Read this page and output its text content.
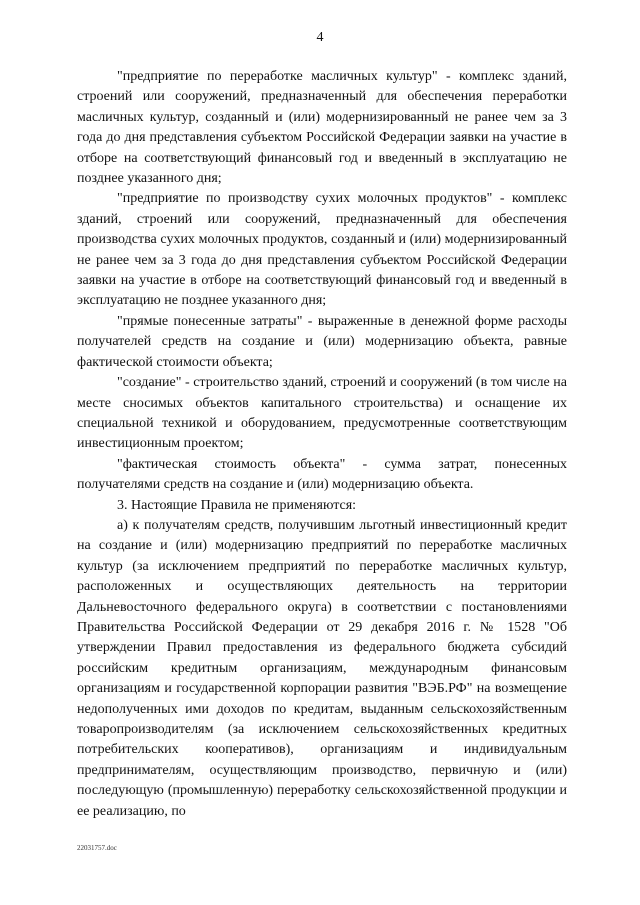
4

"предприятие по переработке масличных культур" - комплекс зданий, строений или сооружений, предназначенный для обеспечения переработки масличных культур, созданный и (или) модернизированный не ранее чем за 3 года до дня представления субъектом Российской Федерации заявки на участие в отборе на соответствующий финансовый год и введенный в эксплуатацию не позднее указанного дня;

"предприятие по производству сухих молочных продуктов" - комплекс зданий, строений или сооружений, предназначенный для обеспечения производства сухих молочных продуктов, созданный и (или) модернизированный не ранее чем за 3 года до дня представления субъектом Российской Федерации заявки на участие в отборе на соответствующий финансовый год и введенный в эксплуатацию не позднее указанного дня;

"прямые понесенные затраты" - выраженные в денежной форме расходы получателей средств на создание и (или) модернизацию объекта, равные фактической стоимости объекта;

"создание" - строительство зданий, строений и сооружений (в том числе на месте сносимых объектов капитального строительства) и оснащение их специальной техникой и оборудованием, предусмотренные соответствующим инвестиционным проектом;

"фактическая стоимость объекта" - сумма затрат, понесенных получателями средств на создание и (или) модернизацию объекта.

3. Настоящие Правила не применяются:

а) к получателям средств, получившим льготный инвестиционный кредит на создание и (или) модернизацию предприятий по переработке масличных культур (за исключением предприятий по переработке масличных культур, расположенных и осуществляющих деятельность на территории Дальневосточного федерального округа) в соответствии с постановлениями Правительства Российской Федерации от 29 декабря 2016 г. № 1528 "Об утверждении Правил предоставления из федерального бюджета субсидий российским кредитным организациям, международным финансовым организациям и государственной корпорации развития "ВЭБ.РФ" на возмещение недополученных ими доходов по кредитам, выданным сельскохозяйственным товаропроизводителям (за исключением сельскохозяйственных кредитных потребительских кооперативов), организациям и индивидуальным предпринимателям, осуществляющим производство, первичную и (или) последующую (промышленную) переработку сельскохозяйственной продукции и ее реализацию, по

22031757.doc
